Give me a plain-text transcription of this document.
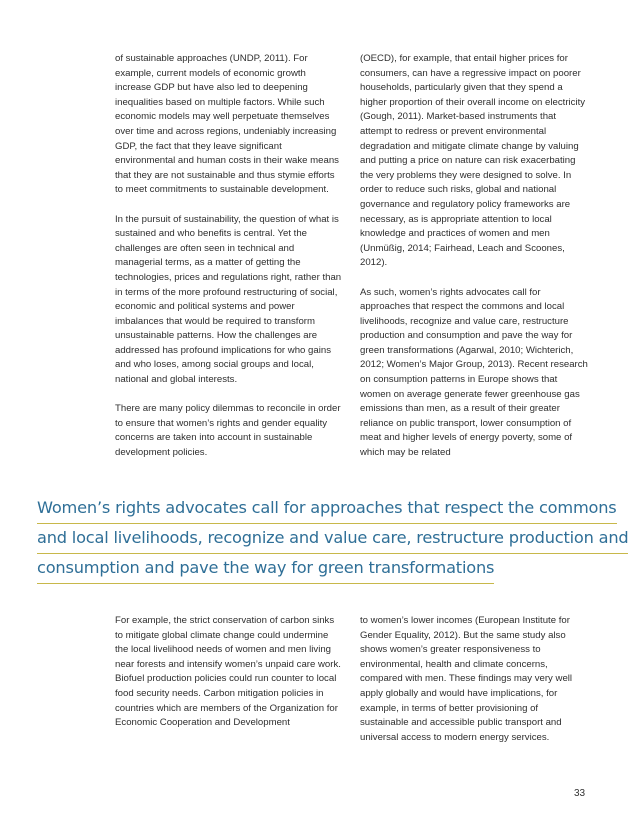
of sustainable approaches (UNDP, 2011). For example, current models of economic growth increase GDP but have also led to deepening inequalities based on multiple factors. While such economic models may well perpetuate themselves over time and across regions, undeniably increasing GDP, the fact that they leave significant environmental and human costs in their wake means that they are not sustainable and thus stymie efforts to meet commitments to sustainable development.

In the pursuit of sustainability, the question of what is sustained and who benefits is central. Yet the challenges are often seen in technical and managerial terms, as a matter of getting the technologies, prices and regulations right, rather than in terms of the more profound restructuring of social, economic and political systems and power imbalances that would be required to transform unsustainable patterns. How the challenges are addressed has profound implications for who gains and who loses, among social groups and local, national and global interests.

There are many policy dilemmas to reconcile in order to ensure that women’s rights and gender equality concerns are taken into account in sustainable development policies.

(OECD), for example, that entail higher prices for consumers, can have a regressive impact on poorer households, particularly given that they spend a higher proportion of their overall income on electricity (Gough, 2011). Market-based instruments that attempt to redress or prevent environmental degradation and mitigate climate change by valuing and putting a price on nature can risk exacerbating the very problems they were designed to solve. In order to reduce such risks, global and national governance and regulatory policy frameworks are necessary, as is appropriate attention to local knowledge and practices of women and men (Unmüßig, 2014; Fairhead, Leach and Scoones, 2012).

As such, women’s rights advocates call for approaches that respect the commons and local livelihoods, recognize and value care, restructure production and consumption and pave the way for green transformations (Agarwal, 2010; Wichterich, 2012; Women’s Major Group, 2013). Recent research on consumption patterns in Europe shows that women on average generate fewer greenhouse gas emissions than men, as a result of their greater reliance on public transport, lower consumption of meat and higher levels of energy poverty, some of which may be related

Women’s rights advocates call for approaches that respect the commons
and local livelihoods, recognize and value care, restructure production and
consumption and pave the way for green transformations

For example, the strict conservation of carbon sinks to mitigate global climate change could undermine the local livelihood needs of women and men living near forests and intensify women’s unpaid care work. Biofuel production policies could run counter to local food security needs. Carbon mitigation policies in countries which are members of the Organization for Economic Cooperation and Development

to women’s lower incomes (European Institute for Gender Equality, 2012). But the same study also shows women’s greater responsiveness to environmental, health and climate concerns, compared with men. These findings may very well apply globally and would have implications, for example, in terms of better provisioning of sustainable and accessible public transport and universal access to modern energy services.

33
